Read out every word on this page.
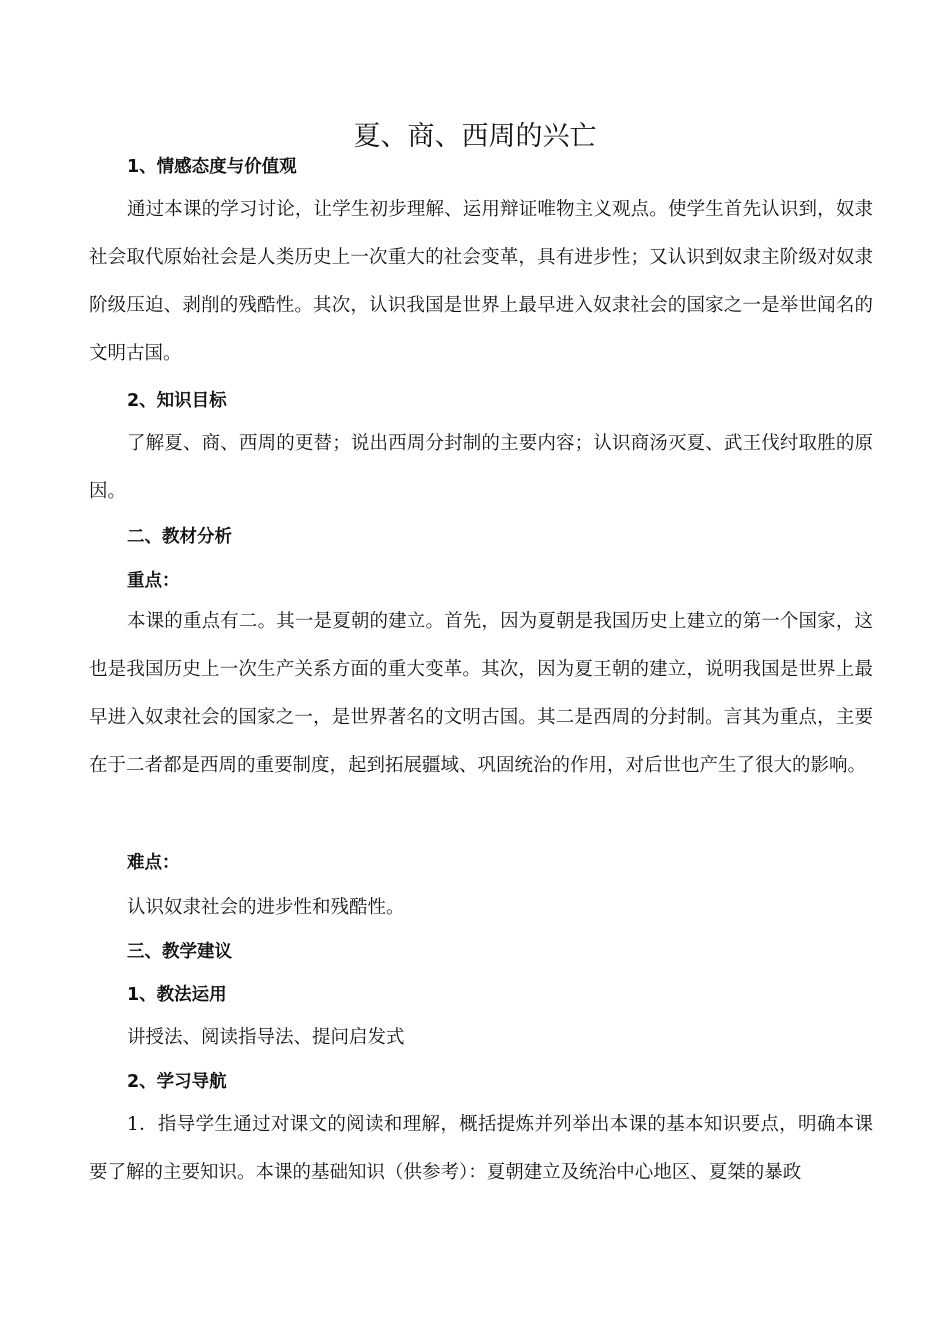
夏、商、西周的兴亡
1、情感态度与价值观

通过本课的学习讨论，让学生初步理解、运用辩证唯物主义观点。使学生首先认识到，奴隶社会取代原始社会是人类历史上一次重大的社会变革，具有进步性；又认识到奴隶主阶级对奴隶阶级压迫、剥削的残酷性。其次，认识我国是世界上最早进入奴隶社会的国家之一是举世闻名的文明古国。

2、知识目标

了解夏、商、西周的更替；说出西周分封制的主要内容；认识商汤灭夏、武王伐纣取胜的原因。

二、教材分析
重点：

本课的重点有二。其一是夏朝的建立。首先，因为夏朝是我国历史上建立的第一个国家，这也是我国历史上一次生产关系方面的重大变革。其次，因为夏王朝的建立，说明我国是世界上最早进入奴隶社会的国家之一，是世界著名的文明古国。其二是西周的分封制。言其为重点，主要在于二者都是西周的重要制度，起到拓展疆域、巩固统治的作用，对后世也产生了很大的影响。

难点：
认识奴隶社会的进步性和残酷性。
三、教学建议
1、教法运用
讲授法、阅读指导法、提问启发式
2、学习导航

1．指导学生通过对课文的阅读和理解，概括提炼并列举出本课的基本知识要点，明确本课要了解的主要知识。本课的基础知识（供参考）：夏朝建立及统治中心地区、夏桀的暴政
